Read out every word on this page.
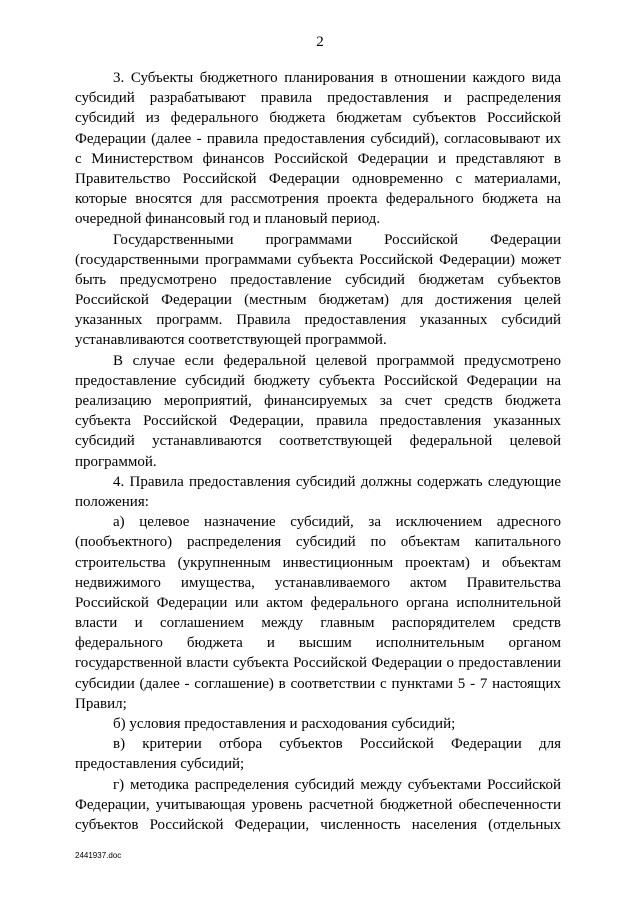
2
3. Субъекты бюджетного планирования в отношении каждого вида
субсидий разрабатывают правила предоставления и распределения
субсидий из федерального бюджета бюджетам субъектов Российской
Федерации (далее - правила предоставления субсидий), согласовывают их
с Министерством финансов Российской Федерации и представляют в
Правительство Российской Федерации одновременно с материалами,
которые вносятся для рассмотрения проекта федерального бюджета на
очередной финансовый год и плановый период.
Государственными программами Российской Федерации
(государственными программами субъекта Российской Федерации) может
быть предусмотрено предоставление субсидий бюджетам субъектов
Российской Федерации (местным бюджетам) для достижения целей
указанных программ. Правила предоставления указанных субсидий
устанавливаются соответствующей программой.
В случае если федеральной целевой программой предусмотрено
предоставление субсидий бюджету субъекта Российской Федерации на
реализацию мероприятий, финансируемых за счет средств бюджета
субъекта Российской Федерации, правила предоставления указанных
субсидий устанавливаются соответствующей федеральной целевой
программой.
4. Правила предоставления субсидий должны содержать следующие
положения:
а) целевое назначение субсидий, за исключением адресного
(пообъектного) распределения субсидий по объектам капитального
строительства (укрупненным инвестиционным проектам) и объектам
недвижимого имущества, устанавливаемого актом Правительства
Российской Федерации или актом федерального органа исполнительной
власти и соглашением между главным распорядителем средств
федерального бюджета и высшим исполнительным органом
государственной власти субъекта Российской Федерации о предоставлении
субсидии (далее - соглашение) в соответствии с пунктами 5 - 7 настоящих
Правил;
б) условия предоставления и расходования субсидий;
в) критерии отбора субъектов Российской Федерации для
предоставления субсидий;
г) методика распределения субсидий между субъектами Российской
Федерации, учитывающая уровень расчетной бюджетной обеспеченности
субъектов Российской Федерации, численность населения (отдельных
2441937.doc
